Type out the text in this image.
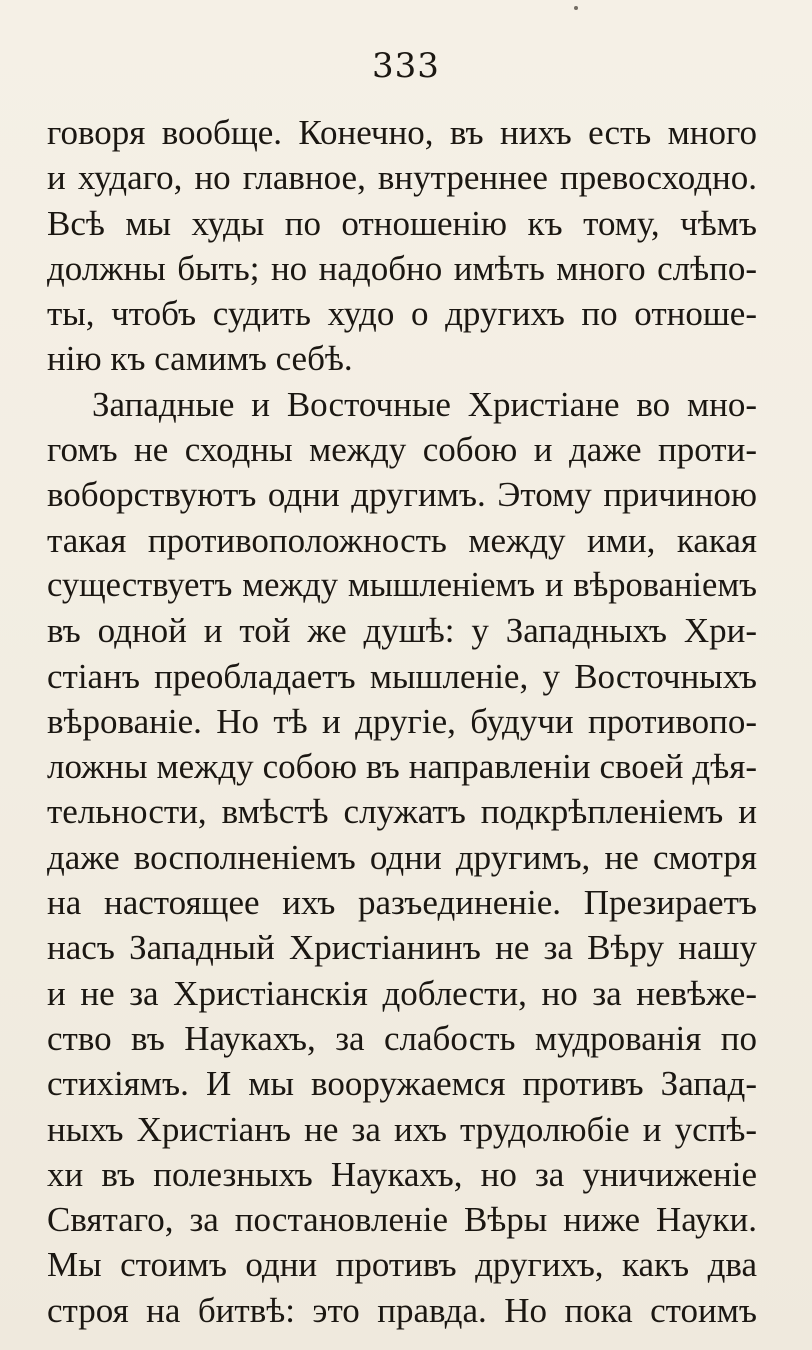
333
говоря вообще. Конечно, въ нихъ есть много
и худаго, но главное, внутреннее превосходно.
Всѣ мы худы по отношенію къ тому, чѣмъ
должны быть; но надобно имѣть много слѣпо-
ты, чтобъ судить худо о другихъ по отноше-
нію къ самимъ себѣ.
Западные и Восточные Христіане во мно-
гомъ не сходны между собою и даже проти-
воборствуютъ одни другимъ. Этому причиною
такая противоположность между ими, какая
существуетъ между мышленіемъ и вѣрованіемъ
въ одной и той же душѣ: у Западныхъ Хри-
стіанъ преобладаетъ мышленіе, у Восточныхъ
вѣрованіе. Но тѣ и другіе, будучи противопо-
ложны между собою въ направленіи своей дѣя-
тельности, вмѣстѣ служатъ подкрѣпленіемъ и
даже восполненіемъ одни другимъ, не смотря
на настоящее ихъ разъединеніе. Презираетъ
насъ Западный Христіанинъ не за Вѣру нашу
и не за Христіанскія доблести, но за невѣже-
ство въ Наукахъ, за слабость мудрованія по
стихіямъ. И мы вооружаемся противъ Запад-
ныхъ Христіанъ не за ихъ трудолюбіе и успѣ-
хи въ полезныхъ Наукахъ, но за уничиженіе
Святаго, за постановленіе Вѣры ниже Науки.
Мы стоимъ одни противъ другихъ, какъ два
строя на битвѣ: это правда. Но пока стоимъ
